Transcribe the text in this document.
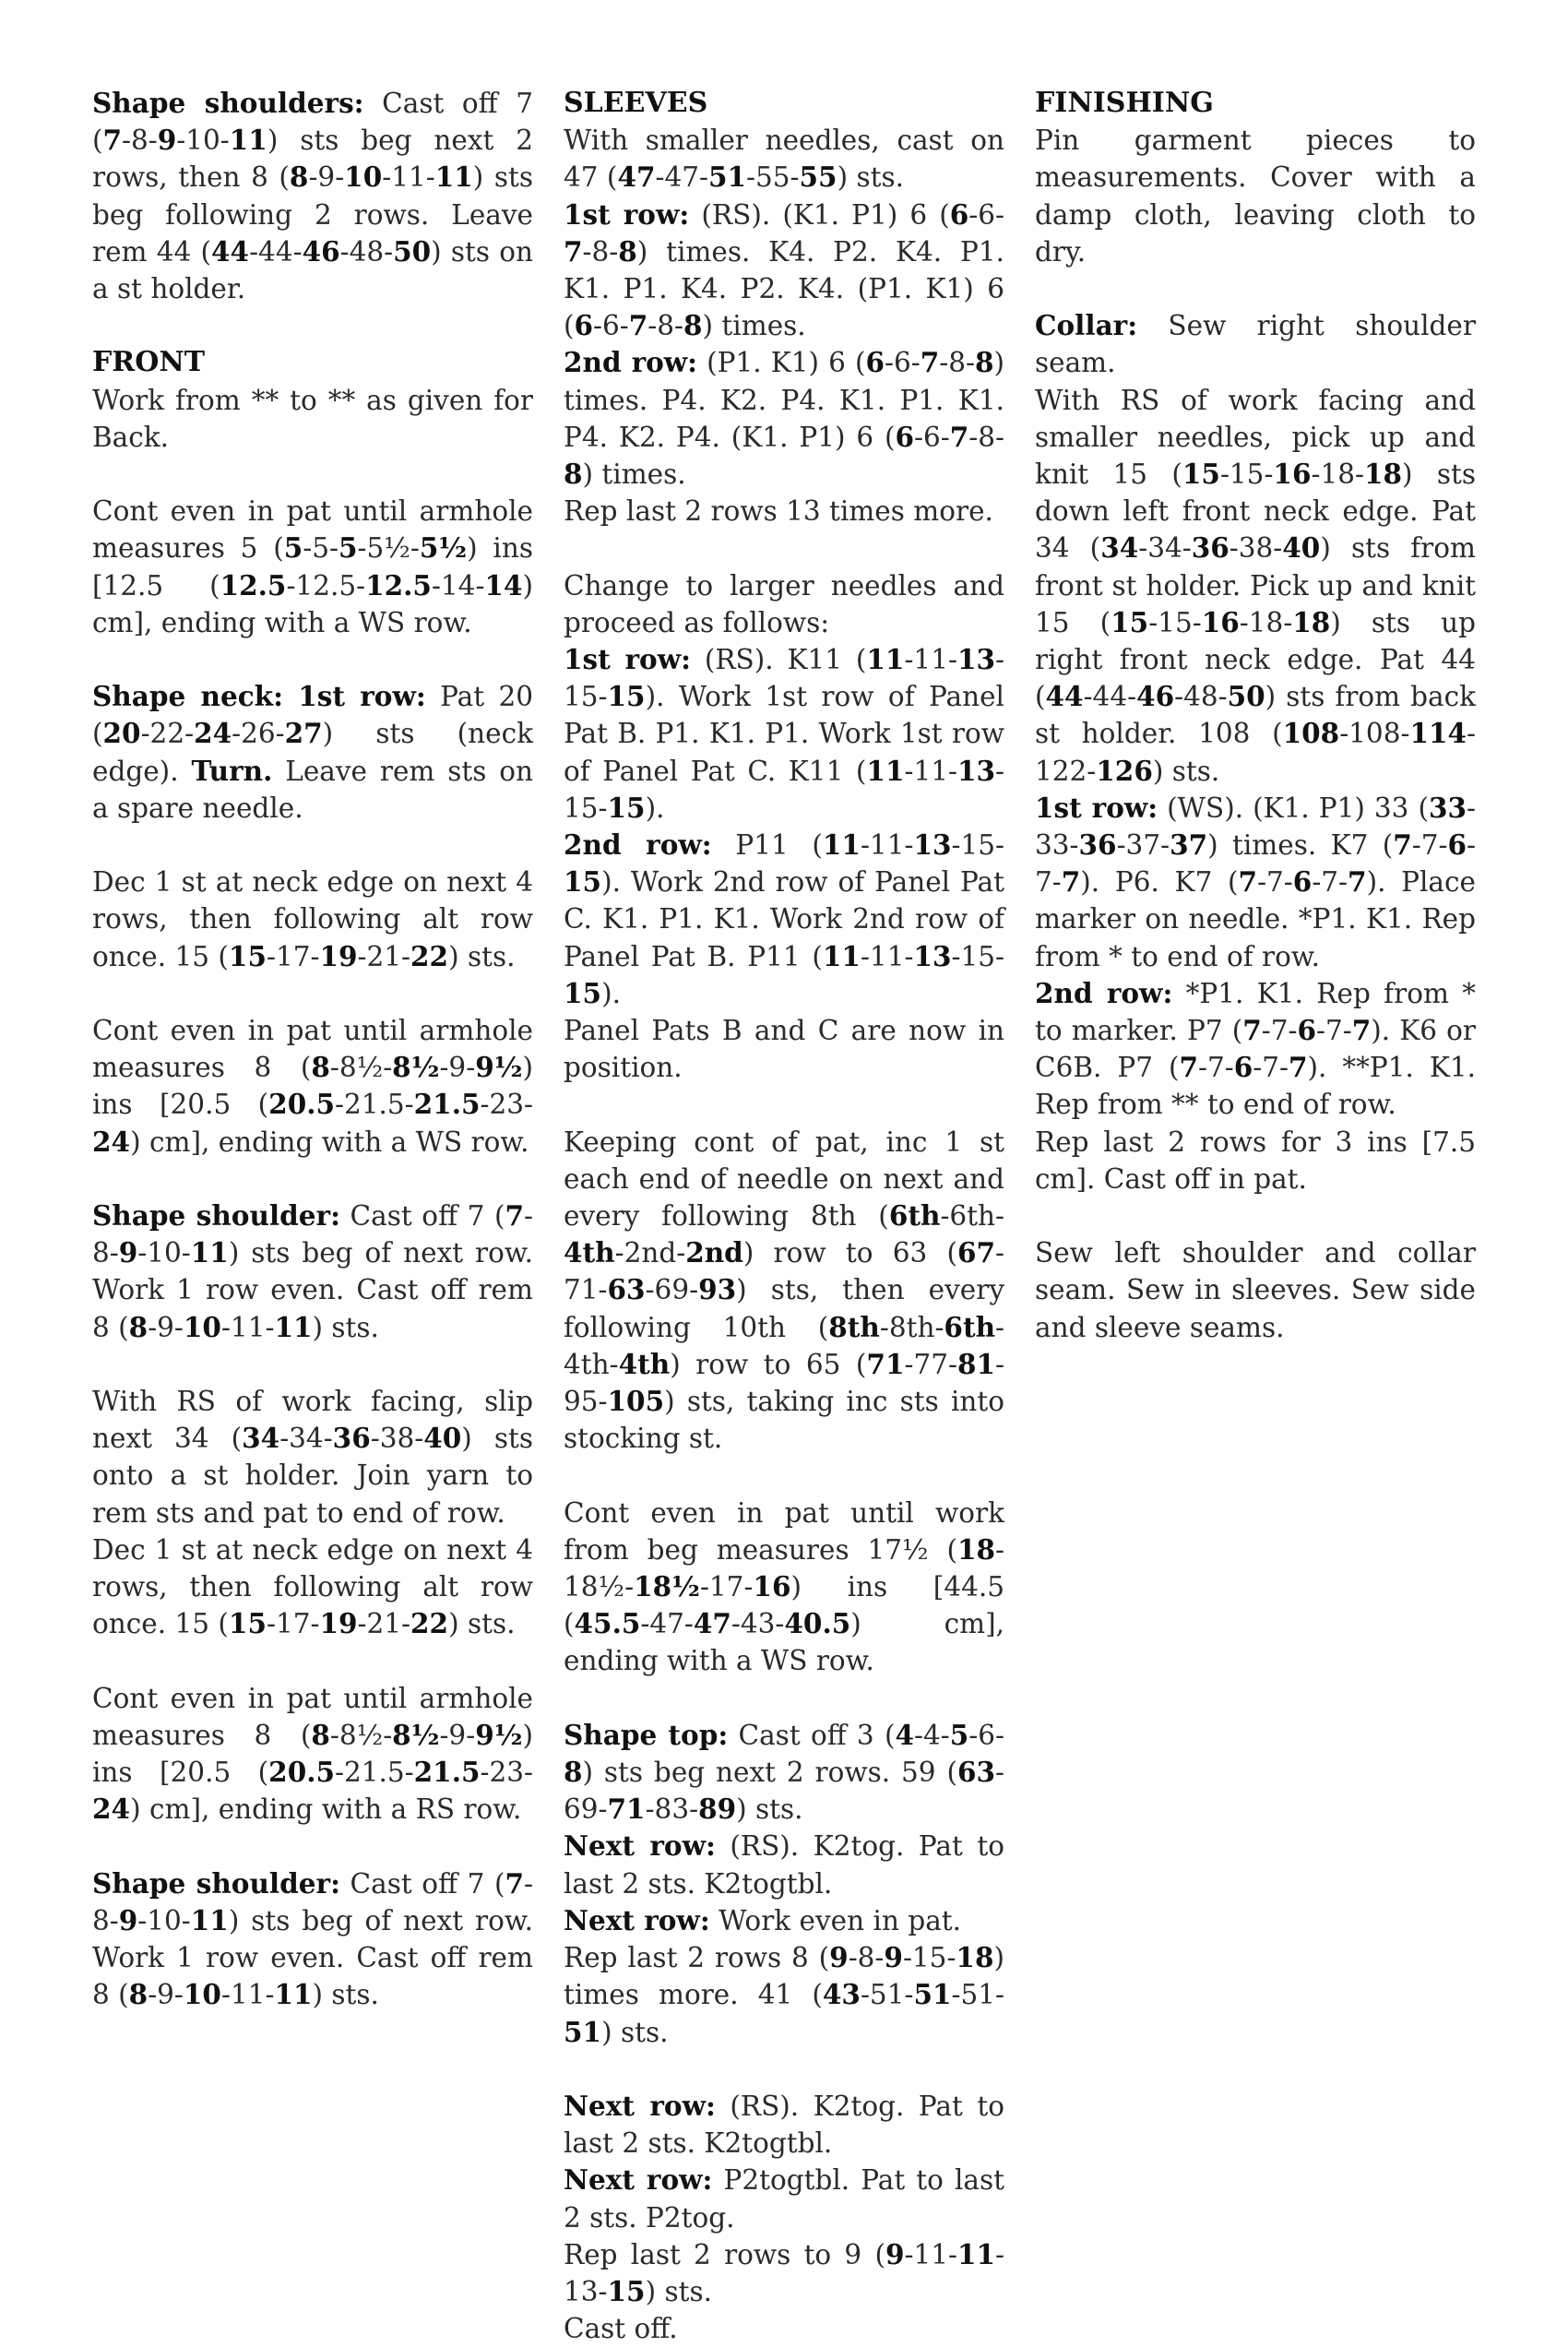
Shape shoulders: Cast off 7 (7-8-9-10-11) sts beg next 2 rows, then 8 (8-9-10-11-11) sts beg following 2 rows. Leave rem 44 (44-44-46-48-50) sts on a st holder.

FRONT

Work from ** to ** as given for Back.

Cont even in pat until armhole measures 5 (5-5-5-5½-5½) ins [12.5 (12.5-12.5-12.5-14-14) cm], ending with a WS row.

Shape neck: 1st row: Pat 20 (20-22-24-26-27) sts (neck edge). Turn. Leave rem sts on a spare needle.

Dec 1 st at neck edge on next 4 rows, then following alt row once. 15 (15-17-19-21-22) sts.

Cont even in pat until armhole measures 8 (8-8½-8½-9-9½) ins [20.5 (20.5-21.5-21.5-23-24) cm], ending with a WS row.

Shape shoulder: Cast off 7 (7-8-9-10-11) sts beg of next row. Work 1 row even. Cast off rem 8 (8-9-10-11-11) sts.

With RS of work facing, slip next 34 (34-34-36-38-40) sts onto a st holder. Join yarn to rem sts and pat to end of row.

Dec 1 st at neck edge on next 4 rows, then following alt row once. 15 (15-17-19-21-22) sts.

Cont even in pat until armhole measures 8 (8-8½-8½-9-9½) ins [20.5 (20.5-21.5-21.5-23-24) cm], ending with a RS row.

Shape shoulder: Cast off 7 (7-8-9-10-11) sts beg of next row. Work 1 row even. Cast off rem 8 (8-9-10-11-11) sts.

SLEEVES

With smaller needles, cast on 47 (47-47-51-55-55) sts.

1st row: (RS). (K1. P1) 6 (6-6-7-8-8) times. K4. P2. K4. P1. K1. P1. K4. P2. K4. (P1. K1) 6 (6-6-7-8-8) times.

2nd row: (P1. K1) 6 (6-6-7-8-8) times. P4. K2. P4. K1. P1. K1. P4. K2. P4. (K1. P1) 6 (6-6-7-8-8) times.

Rep last 2 rows 13 times more.

Change to larger needles and proceed as follows:

1st row: (RS). K11 (11-11-13-15-15). Work 1st row of Panel Pat B. P1. K1. P1. Work 1st row of Panel Pat C. K11 (11-11-13-15-15).

2nd row: P11 (11-11-13-15-15). Work 2nd row of Panel Pat C. K1. P1. K1. Work 2nd row of Panel Pat B. P11 (11-11-13-15-15).

Panel Pats B and C are now in position.

Keeping cont of pat, inc 1 st each end of needle on next and every following 8th (6th-6th-4th-2nd-2nd) row to 63 (67-71-63-69-93) sts, then every following 10th (8th-8th-6th-4th-4th) row to 65 (71-77-81-95-105) sts, taking inc sts into stocking st.

Cont even in pat until work from beg measures 17½ (18-18½-18½-17-16) ins [44.5 (45.5-47-47-43-40.5) cm], ending with a WS row.

Shape top: Cast off 3 (4-4-5-6-8) sts beg next 2 rows. 59 (63-69-71-83-89) sts.

Next row: (RS). K2tog. Pat to last 2 sts. K2togtbl.

Next row: Work even in pat.

Rep last 2 rows 8 (9-8-9-15-18) times more. 41 (43-51-51-51-51) sts.

Next row: (RS). K2tog. Pat to last 2 sts. K2togtbl.

Next row: P2togtbl. Pat to last 2 sts. P2tog.

Rep last 2 rows to 9 (9-11-11-13-15) sts.

Cast off.

FINISHING

Pin garment pieces to measurements. Cover with a damp cloth, leaving cloth to dry.

Collar: Sew right shoulder seam.

With RS of work facing and smaller needles, pick up and knit 15 (15-15-16-18-18) sts down left front neck edge. Pat 34 (34-34-36-38-40) sts from front st holder. Pick up and knit 15 (15-15-16-18-18) sts up right front neck edge. Pat 44 (44-44-46-48-50) sts from back st holder. 108 (108-108-114-122-126) sts.

1st row: (WS). (K1. P1) 33 (33-33-36-37-37) times. K7 (7-7-6-7-7). P6. K7 (7-7-6-7-7). Place marker on needle. *P1. K1. Rep from * to end of row.

2nd row: *P1. K1. Rep from * to marker. P7 (7-7-6-7-7). K6 or C6B. P7 (7-7-6-7-7). **P1. K1. Rep from ** to end of row.

Rep last 2 rows for 3 ins [7.5 cm]. Cast off in pat.

Sew left shoulder and collar seam. Sew in sleeves. Sew side and sleeve seams.
